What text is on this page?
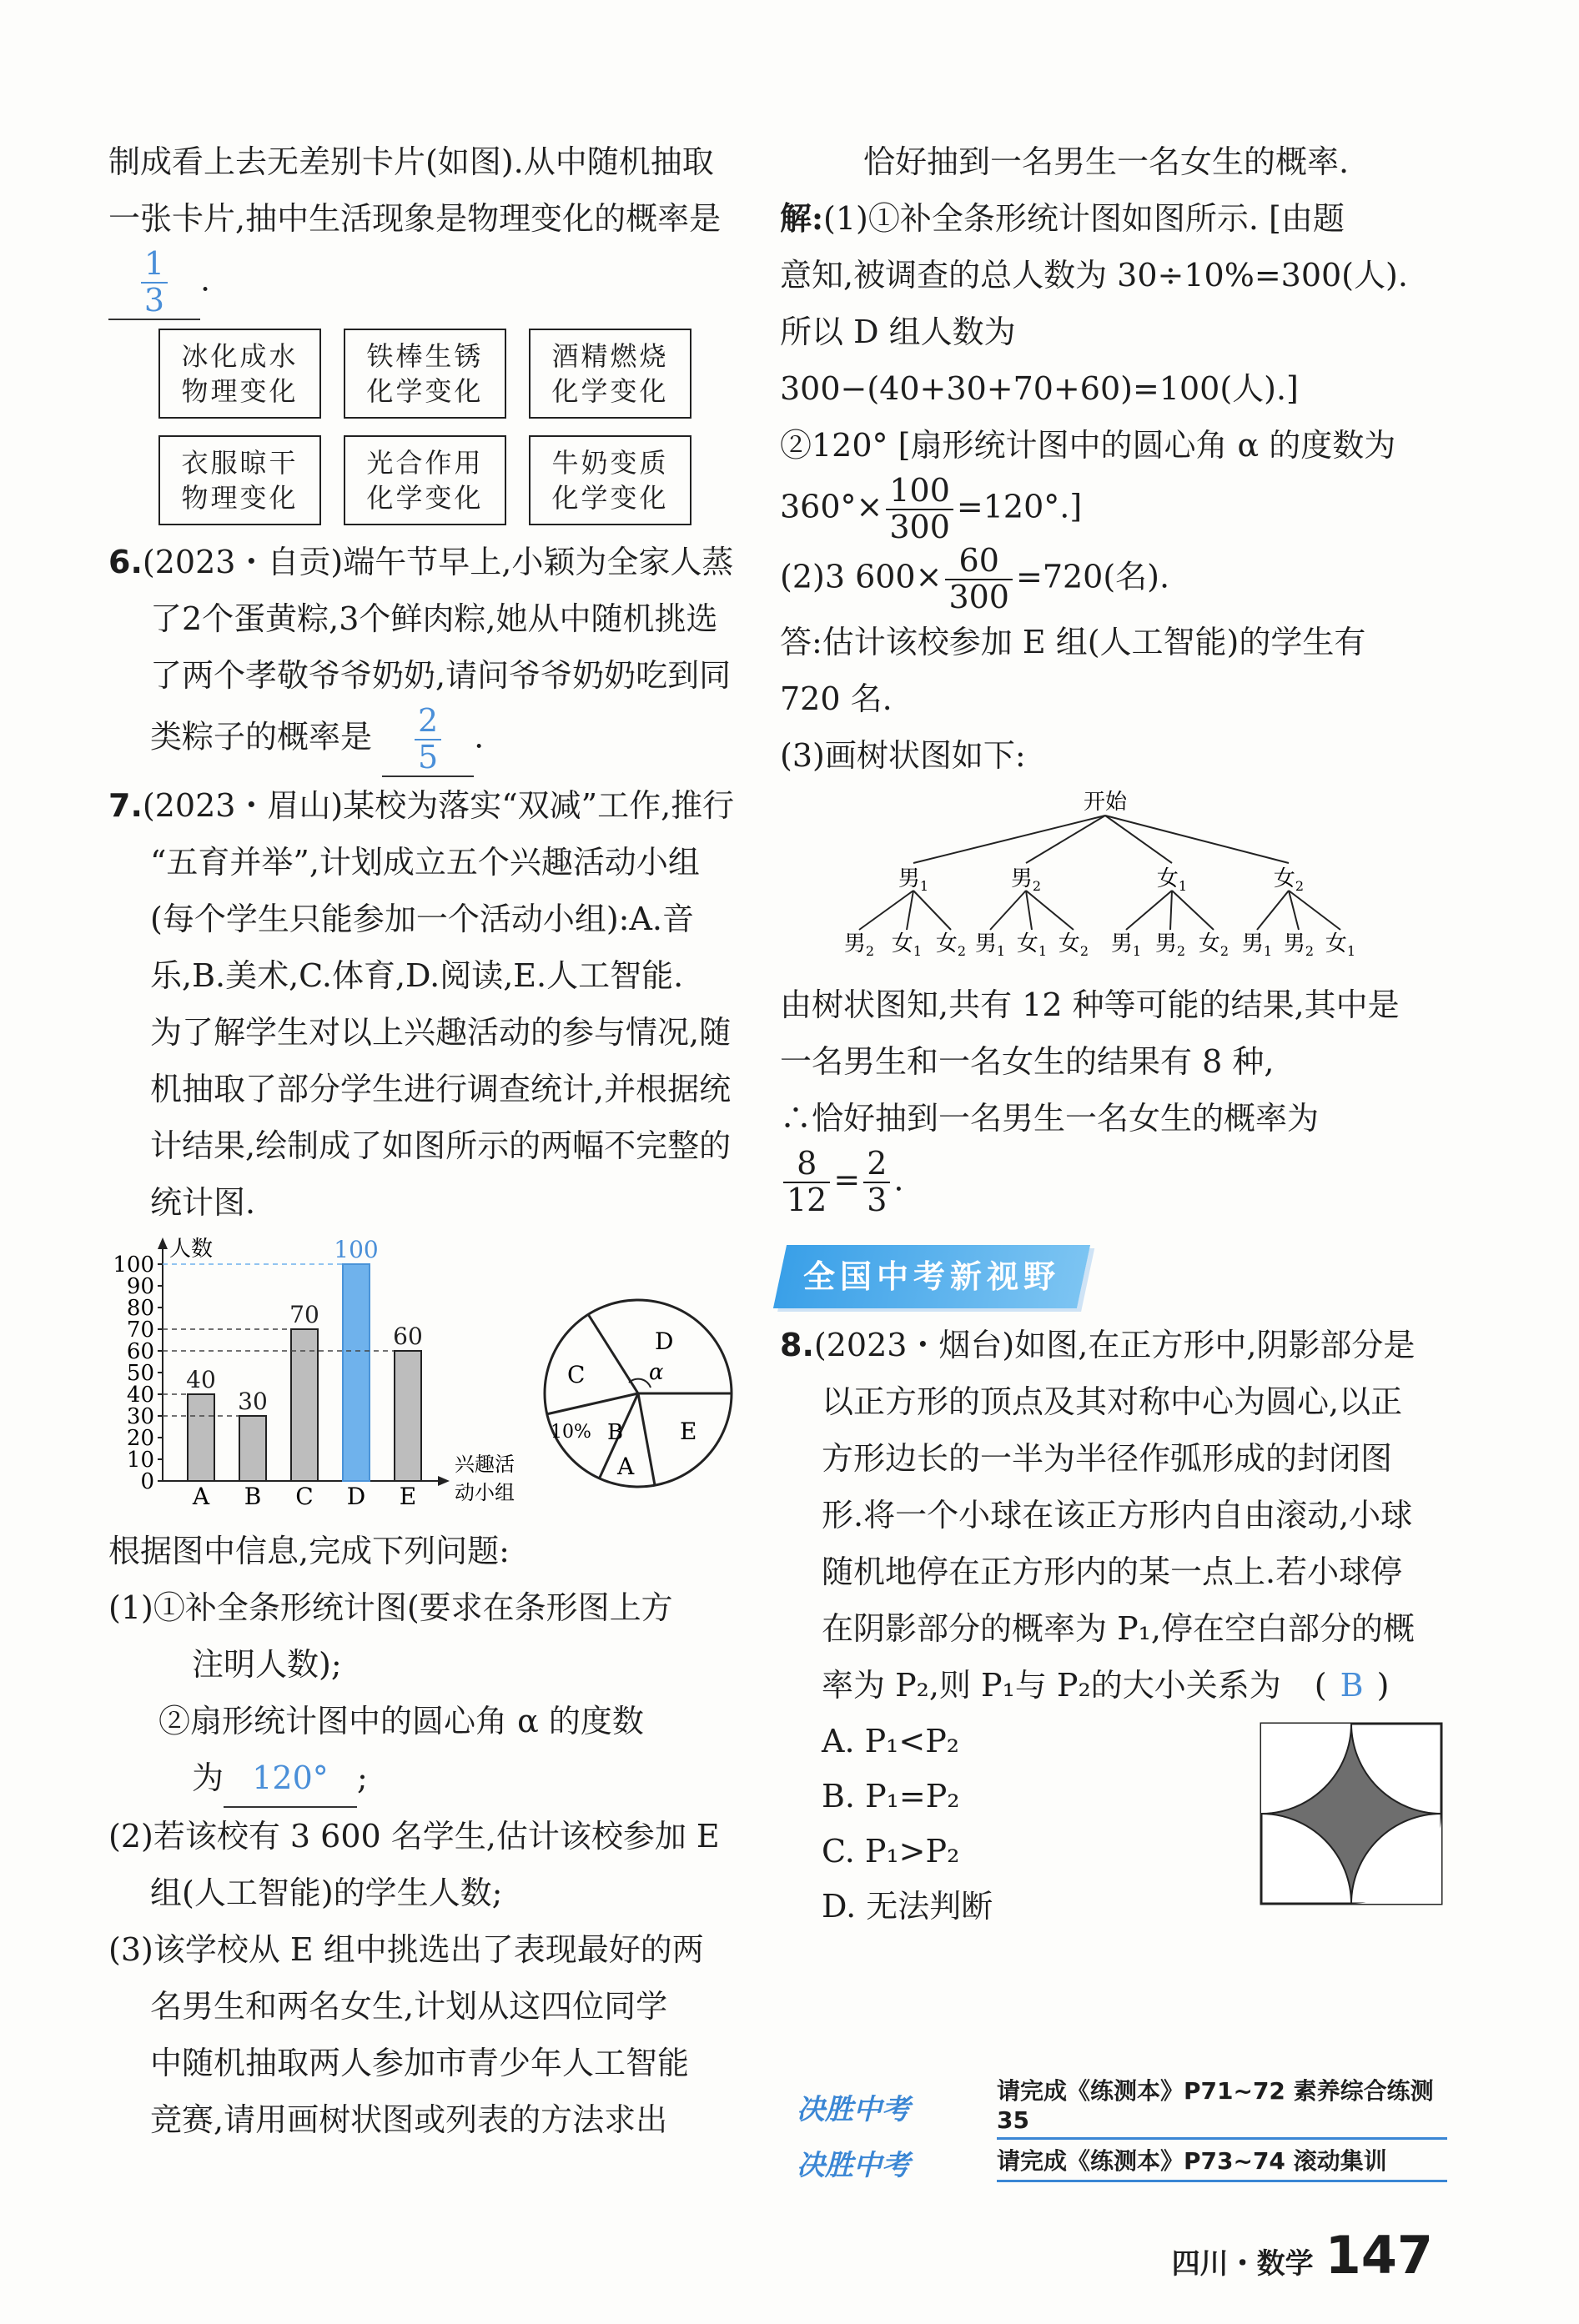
制成看上去无差别卡片(如图).从中随机抽取

一张卡片,抽中生活现象是物理变化的概率是

$\frac{1}{3}$ .

冰化成水
物理变化
铁棒生锈
化学变化
酒精燃烧
化学变化
衣服晾干
物理变化
光合作用
化学变化
牛奶变质
化学变化

6.(2023・自贡)端午节早上,小颖为全家人蒸

了2个蛋黄粽,3个鲜肉粽,她从中随机挑选

了两个孝敬爷爷奶奶,请问爷爷奶奶吃到同

类粽子的概率是 $\frac{2}{5}$ .

7.(2023・眉山)某校为落实“双减”工作,推行

“五育并举”,计划成立五个兴趣活动小组

(每个学生只能参加一个活动小组):A.音

乐,B.美术,C.体育,D.阅读,E.人工智能.

为了解学生对以上兴趣活动的参与情况,随

机抽取了部分学生进行调查统计,并根据统

计结果,绘制成了如图所示的两幅不完整的

统计图.

0
10
20
30
40
50
60
70
80
90
100
人数
兴趣活
动小组
40
A
30
B
70
C
100
D
60
E
D
α
C
B
10%
A
E

根据图中信息,完成下列问题:

(1)①补全条形统计图(要求在条形图上方

注明人数);

②扇形统计图中的圆心角 α 的度数

为 120° ;

(2)若该校有 3 600 名学生,估计该校参加 E

组(人工智能)的学生人数;

(3)该学校从 E 组中挑选出了表现最好的两

名男生和两名女生,计划从这四位同学

中随机抽取两人参加市青少年人工智能

竞赛,请用画树状图或列表的方法求出

恰好抽到一名男生一名女生的概率.

解:(1)①补全条形统计图如图所示. [由题

意知,被调查的总人数为 30÷10%=300(人).

所以 D 组人数为

300−(40+30+70+60)=100(人).]

②120° [扇形统计图中的圆心角 α 的度数为

$360^\circ\times \frac{100}{300} =120^\circ$.]

(2)3 $600\times \frac{60}{300} =720$(名).

答:估计该校参加 E 组(人工智能)的学生有

720 名.

(3)画树状图如下:

开始
男$_1$	男$_2$	女$_1$	女$_2$
男$_2$ 女$_1$ 女$_2$ 男$_1$ 女$_1$ 女$_2$ 男$_1$ 男$_2$ 女$_2$ 男$_1$ 男$_2$ 女$_1$

由树状图知,共有 12 种等可能的结果,其中是

一名男生和一名女生的结果有 8 种,

∴恰好抽到一名男生一名女生的概率为

$\frac{8}{12} = \frac{2}{3}$ .

全国中考新视野

8.(2023・烟台)如图,在正方形中,阴影部分是

以正方形的顶点及其对称中心为圆心,以正

方形边长的一半为半径作弧形成的封闭图

形.将一个小球在该正方形内自由滚动,小球

随机地停在正方形内的某一点上.若小球停

在阴影部分的概率为 P₁,停在空白部分的概

率为 P₂,则 P₁与 P₂的大小关系为 ( B )

A. P₁<P₂

B. P₁=P₂

C. P₁>P₂

D. 无法判断

决胜中考
请完成《练测本》P71~72 素养综合练测 35
决胜中考	请完成《练测本》P73~74 滚动集训
四川・数学 147
